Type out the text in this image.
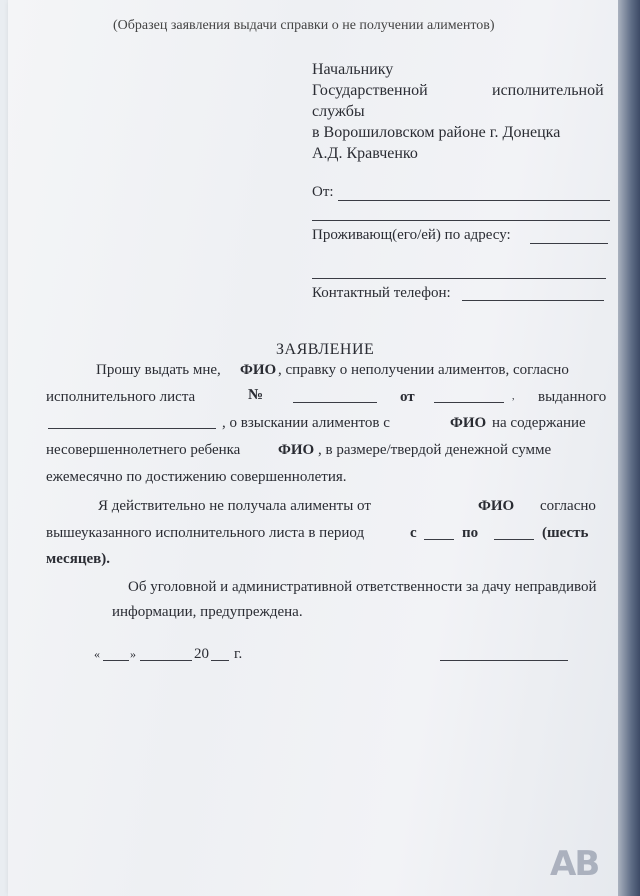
(Образец заявления выдачи справки о не получении алиментов)
Начальнику
Государственной	исполнительной
службы
в Ворошиловском районе г. Донецка
А.Д. Кравченко
От:
Проживающ(его/ей) по адресу:
Контактный телефон:
ЗАЯВЛЕНИЕ
Прошу выдать мне, ФИО , справку о неполучении алиментов, согласно
исполнительного листа	№	от	, выданного
, о взыскании алиментов с	ФИО на содержание
несовершеннолетнего ребенка	ФИО , в размере/твердой денежной сумме
ежемесячно по достижению совершеннолетия.
Я действительно не получала алименты от	ФИО согласно
вышеуказанного исполнительного листа в период	с	по	(шесть
месяцев).
Об уголовной и административной ответственности за дачу неправдивой
информации, предупреждена.
«	»	20 г.
AB
